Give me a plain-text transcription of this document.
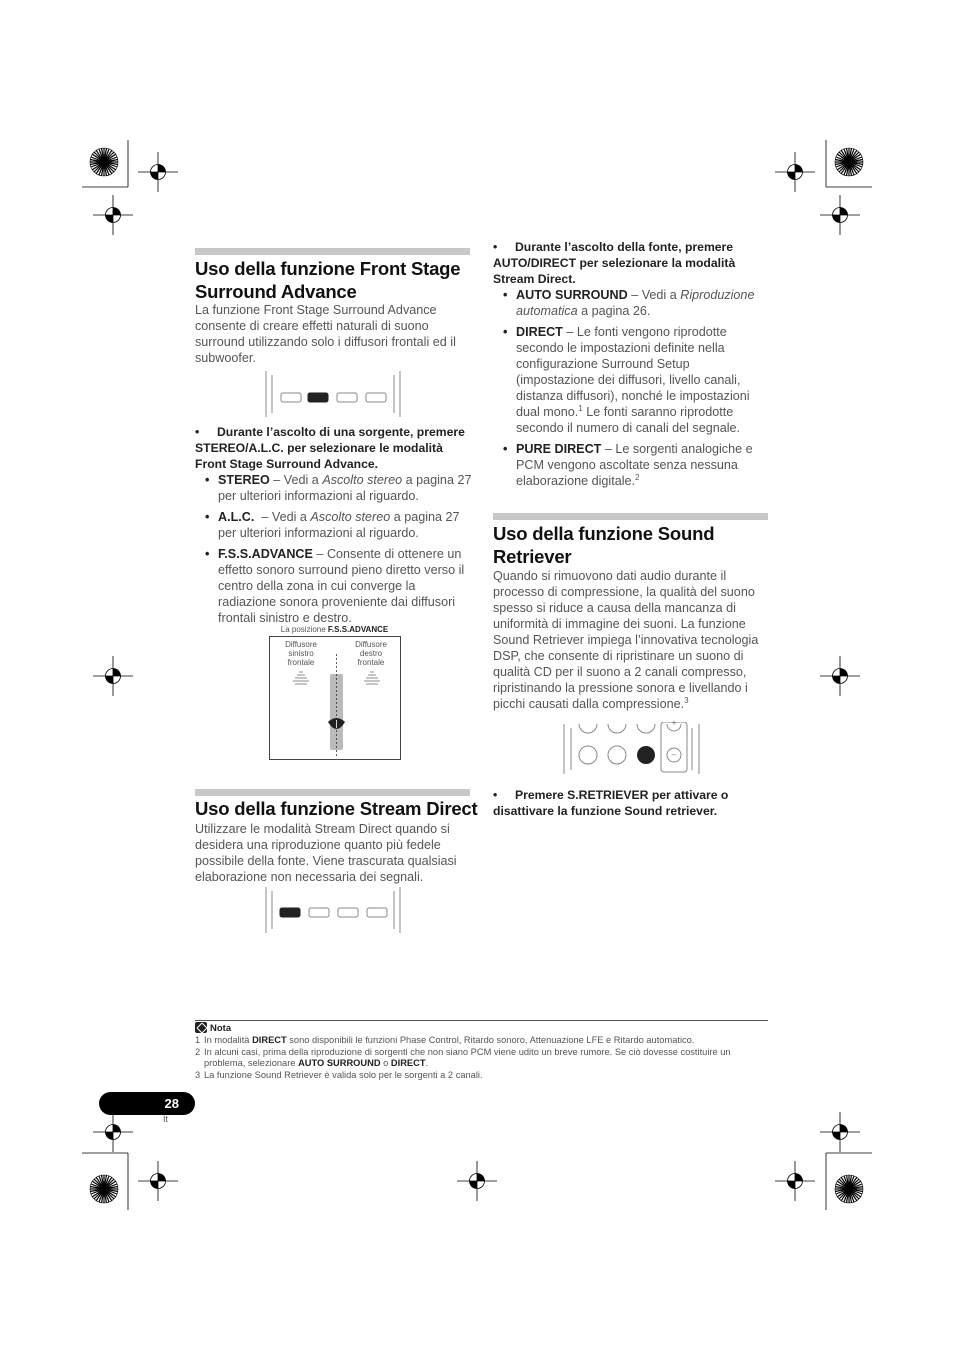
Uso della funzione Front Stage Surround Advance

La funzione Front Stage Surround Advance consente di creare effetti naturali di suono surround utilizzando solo i diffusori frontali ed il subwoofer.

• Durante l’ascolto di una sorgente, premere STEREO/A.L.C. per selezionare le modalità Front Stage Surround Advance.

• STEREO – Vedi a Ascolto stereo a pagina 27 per ulteriori informazioni al riguardo.
• A.L.C.  – Vedi a Ascolto stereo a pagina 27 per ulteriori informazioni al riguardo.
• F.S.S.ADVANCE – Consente di ottenere un effetto sonoro surround pieno diretto verso il centro della zona in cui converge la radiazione sonora proveniente dai diffusori frontali sinistro e destro.
La posizione F.S.S.ADVANCE
Diffusore sinistro frontale
Diffusore destro frontale
Uso della funzione Stream Direct

Utilizzare le modalità Stream Direct quando si desidera una riproduzione quanto più fedele possibile della fonte. Viene trascurata qualsiasi elaborazione non necessaria dei segnali.

• Durante l’ascolto della fonte, premere AUTO/DIRECT per selezionare la modalità Stream Direct.

• AUTO SURROUND – Vedi a Riproduzione automatica a pagina 26.
• DIRECT – Le fonti vengono riprodotte secondo le impostazioni definite nella configurazione Surround Setup (impostazione dei diffusori, livello canali, distanza diffusori), nonché le impostazioni dual mono.$^1$ Le fonti saranno riprodotte secondo il numero di canali del segnale.
• PURE DIRECT – Le sorgenti analogiche e PCM vengono ascoltate senza nessuna elaborazione digitale.$^2$
Uso della funzione Sound Retriever

Quando si rimuovono dati audio durante il processo di compressione, la qualità del suono spesso si riduce a causa della mancanza di uniformità di immagine dei suoni. La funzione Sound Retriever impiega l’innovativa tecnologia DSP, che consente di ripristinare un suono di qualità CD per il suono a 2 canali compresso, ripristinando la pressione sonora e livellando i picchi causati dalla compressione.$^3$

+
–

• Premere S.RETRIEVER per attivare o disattivare la funzione Sound retriever.

Nota
1 In modalità DIRECT sono disponibili le funzioni Phase Control, Ritardo sonoro, Attenuazione LFE e Ritardo automatico.
2 In alcuni casi, prima della riproduzione di sorgenti che non siano PCM viene udito un breve rumore. Se ciò dovesse costituire un problema, selezionare AUTO SURROUND o DIRECT.
3 La funzione Sound Retriever è valida solo per le sorgenti a 2 canali.
28
It
